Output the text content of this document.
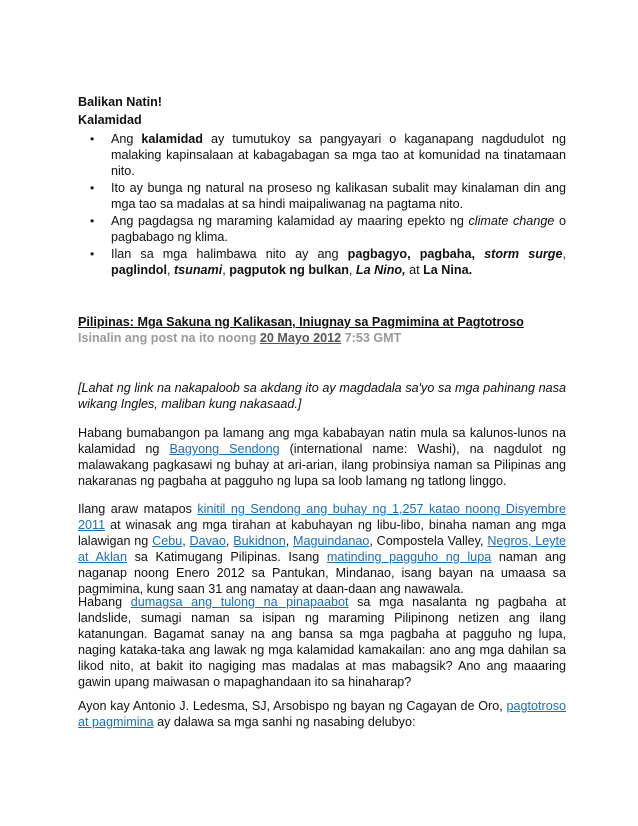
Balikan Natin!
Kalamidad
• Ang kalamidad ay tumutukoy sa pangyayari o kaganapang nagdudulot ng malaking kapinsalaan at kabagabagan sa mga tao at komunidad na tinatamaan nito.
• Ito ay bunga ng natural na proseso ng kalikasan subalit may kinalaman din ang mga tao sa madalas at sa hindi maipaliwanag na pagtama nito.
• Ang pagdagsa ng maraming kalamidad ay maaring epekto ng climate change o pagbabago ng klima.
• Ilan sa mga halimbawa nito ay ang pagbagyo, pagbaha, storm surge, paglindol, tsunami, pagputok ng bulkan, La Nino, at La Nina.
Pilipinas: Mga Sakuna ng Kalikasan, Iniugnay sa Pagmimina at Pagtotroso
Isinalin ang post na ito noong 20 Mayo 2012 7:53 GMT
[Lahat ng link na nakapaloob sa akdang ito ay magdadala sa'yo sa mga pahinang nasa wikang Ingles, maliban kung nakasaad.]

Habang bumabangon pa lamang ang mga kababayan natin mula sa kalunos-lunos na kalamidad ng Bagyong Sendong (international name: Washi), na nagdulot ng malawakang pagkasawi ng buhay at ari-arian, ilang probinsiya naman sa Pilipinas ang nakaranas ng pagbaha at pagguho ng lupa sa loob lamang ng tatlong linggo.

Ilang araw matapos kinitil ng Sendong ang buhay ng 1,257 katao noong Disyembre 2011 at winasak ang mga tirahan at kabuhayan ng libu-libo, binaha naman ang mga lalawigan ng Cebu, Davao, Bukidnon, Maguindanao, Compostela Valley, Negros, Leyte at Aklan sa Katimugang Pilipinas. Isang matinding pagguho ng lupa naman ang naganap noong Enero 2012 sa Pantukan, Mindanao, isang bayan na umaasa sa pagmimina, kung saan 31 ang namatay at daan-daan ang nawawala.

Habang dumagsa ang tulong na pinapaabot sa mga nasalanta ng pagbaha at landslide, sumagi naman sa isipan ng maraming Pilipinong netizen ang ilang katanungan. Bagamat sanay na ang bansa sa mga pagbaha at pagguho ng lupa, naging kataka-taka ang lawak ng mga kalamidad kamakailan: ano ang mga dahilan sa likod nito, at bakit ito nagiging mas madalas at mas mabagsik? Ano ang maaaring gawin upang maiwasan o mapaghandaan ito sa hinaharap?

Ayon kay Antonio J. Ledesma, SJ, Arsobispo ng bayan ng Cagayan de Oro, pagtotroso at pagmimina ay dalawa sa mga sanhi ng nasabing delubyo:
